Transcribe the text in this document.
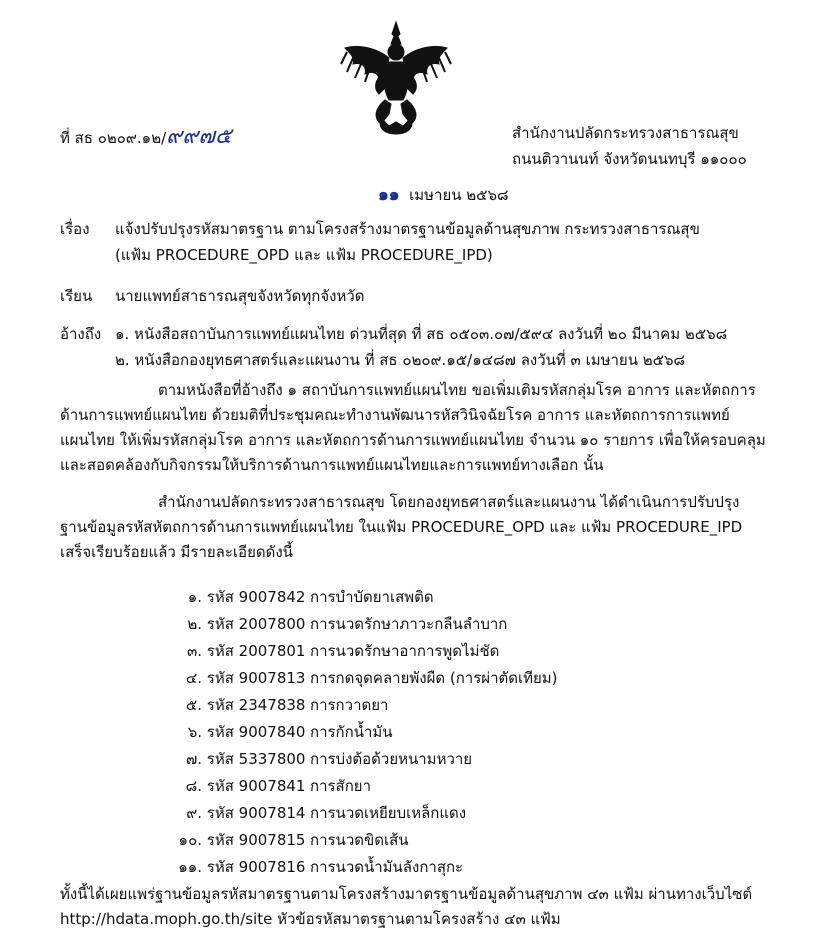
ที่ สธ ๐๒๐๙.๑๒/๙๙๗๕	สำนักงานปลัดกระทรวงสาธารณสุข
ถนนติวานนท์ จังหวัดนนทบุรี ๑๑๐๐๐
๑๑ เมษายน ๒๕๖๘
เรื่อง แจ้งปรับปรุงรหัสมาตรฐาน ตามโครงสร้างมาตรฐานข้อมูลด้านสุขภาพ กระทรวงสาธารณสุข
(แฟ้ม PROCEDURE_OPD และ แฟ้ม PROCEDURE_IPD)
เรียน นายแพทย์สาธารณสุขจังหวัดทุกจังหวัด
อ้างถึง ๑. หนังสือสถาบันการแพทย์แผนไทย ด่วนที่สุด ที่ สธ ๐๕๐๓.๐๗/๕๙๔ ลงวันที่ ๒๐ มีนาคม ๒๕๖๘
๒. หนังสือกองยุทธศาสตร์และแผนงาน ที่ สธ ๐๒๐๙.๑๕/๑๔๘๗ ลงวันที่ ๓ เมษายน ๒๕๖๘
ตามหนังสือที่อ้างถึง ๑ สถาบันการแพทย์แผนไทย ขอเพิ่มเติมรหัสกลุ่มโรค อาการ และหัตถการ
ด้านการแพทย์แผนไทย ด้วยมติที่ประชุมคณะทำงานพัฒนารหัสวินิจฉัยโรค อาการ และหัตถการการแพทย์
แผนไทย ให้เพิ่มรหัสกลุ่มโรค อาการ และหัตถการด้านการแพทย์แผนไทย จำนวน ๑๐ รายการ เพื่อให้ครอบคลุม
และสอดคล้องกับกิจกรรมให้บริการด้านการแพทย์แผนไทยและการแพทย์ทางเลือก นั้น
สำนักงานปลัดกระทรวงสาธารณสุข โดยกองยุทธศาสตร์และแผนงาน ได้ดำเนินการปรับปรุง
ฐานข้อมูลรหัสหัตถการด้านการแพทย์แผนไทย ในแฟ้ม PROCEDURE_OPD และ แฟ้ม PROCEDURE_IPD
เสร็จเรียบร้อยแล้ว มีรายละเอียดดังนี้
๑. รหัส 9007842 การบำบัดยาเสพติด
๒. รหัส 2007800 การนวดรักษาภาวะกลืนลำบาก
๓. รหัส 2007801 การนวดรักษาอาการพูดไม่ชัด
๔. รหัส 9007813 การกดจุดคลายพังผืด (การผ่าตัดเทียม)
๕. รหัส 2347838 การกวาดยา
๖. รหัส 9007840 การกักน้ำมัน
๗. รหัส 5337800 การบ่งต้อด้วยหนามหวาย
๘. รหัส 9007841 การสักยา
๙. รหัส 9007814 การนวดเหยียบเหล็กแดง
๑๐. รหัส 9007815 การนวดขิดเส้น
๑๑. รหัส 9007816 การนวดน้ำมันลังกาสุกะ
ทั้งนี้ได้เผยแพร่ฐานข้อมูลรหัสมาตรฐานตามโครงสร้างมาตรฐานข้อมูลด้านสุขภาพ ๔๓ แฟ้ม ผ่านทางเว็บไซต์
http://hdata.moph.go.th/site หัวข้อรหัสมาตรฐานตามโครงสร้าง ๔๓ แฟ้ม
